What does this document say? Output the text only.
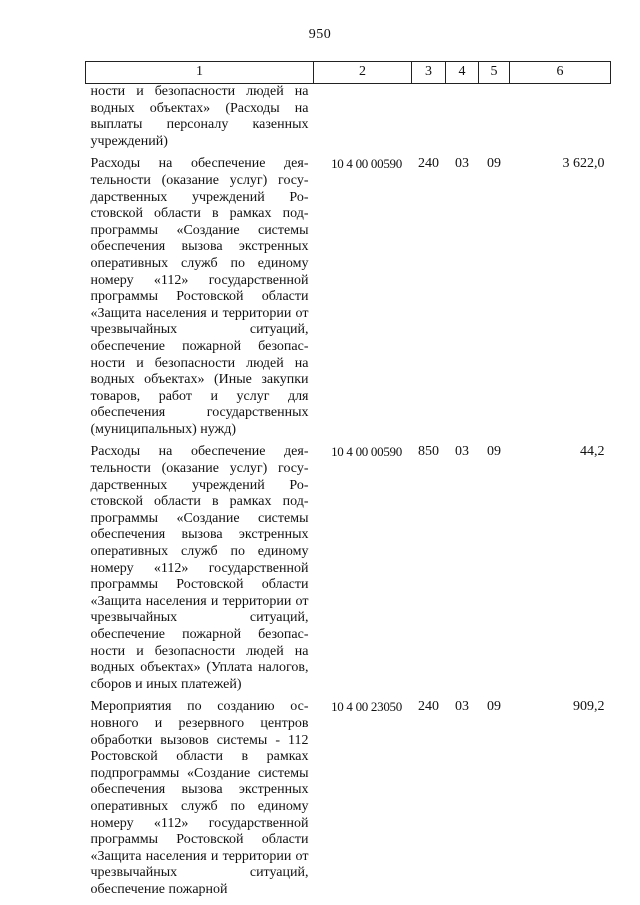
950
1	2	3	4	5	6
ности и безопасности людей на водных объектах» (Расходы на выплаты персоналу казенных учреждений)					
Расходы на обеспечение деятельности (оказание услуг) государственных учреждений Ростовской области в рамках подпрограммы «Создание системы обеспечения вызова экстренных оперативных служб по единому номеру «112» государственной программы Ростовской области «Защита населения и территории от чрезвычайных ситуаций, обеспечение пожарной безопасности и безопасности людей на водных объектах» (Иные закупки товаров, работ и услуг для обеспечения государственных (муниципальных) нужд)	10 4 00 00590	240	03	09	3 622,0
Расходы на обеспечение деятельности (оказание услуг) государственных учреждений Ростовской области в рамках подпрограммы «Создание системы обеспечения вызова экстренных оперативных служб по единому номеру «112» государственной программы Ростовской области «Защита населения и территории от чрезвычайных ситуаций, обеспечение пожарной безопасности и безопасности людей на водных объектах» (Уплата налогов, сборов и иных платежей)	10 4 00 00590	850	03	09	44,2
Мероприятия по созданию основного и резервного центров обработки вызовов системы - 112 Ростовской области в рамках подпрограммы «Создание системы обеспечения вызова экстренных оперативных служб по единому номеру «112» государственной программы Ростовской области «Защита населения и территории от чрезвычайных ситуаций, обеспечение пожарной	10 4 00 23050	240	03	09	909,2
